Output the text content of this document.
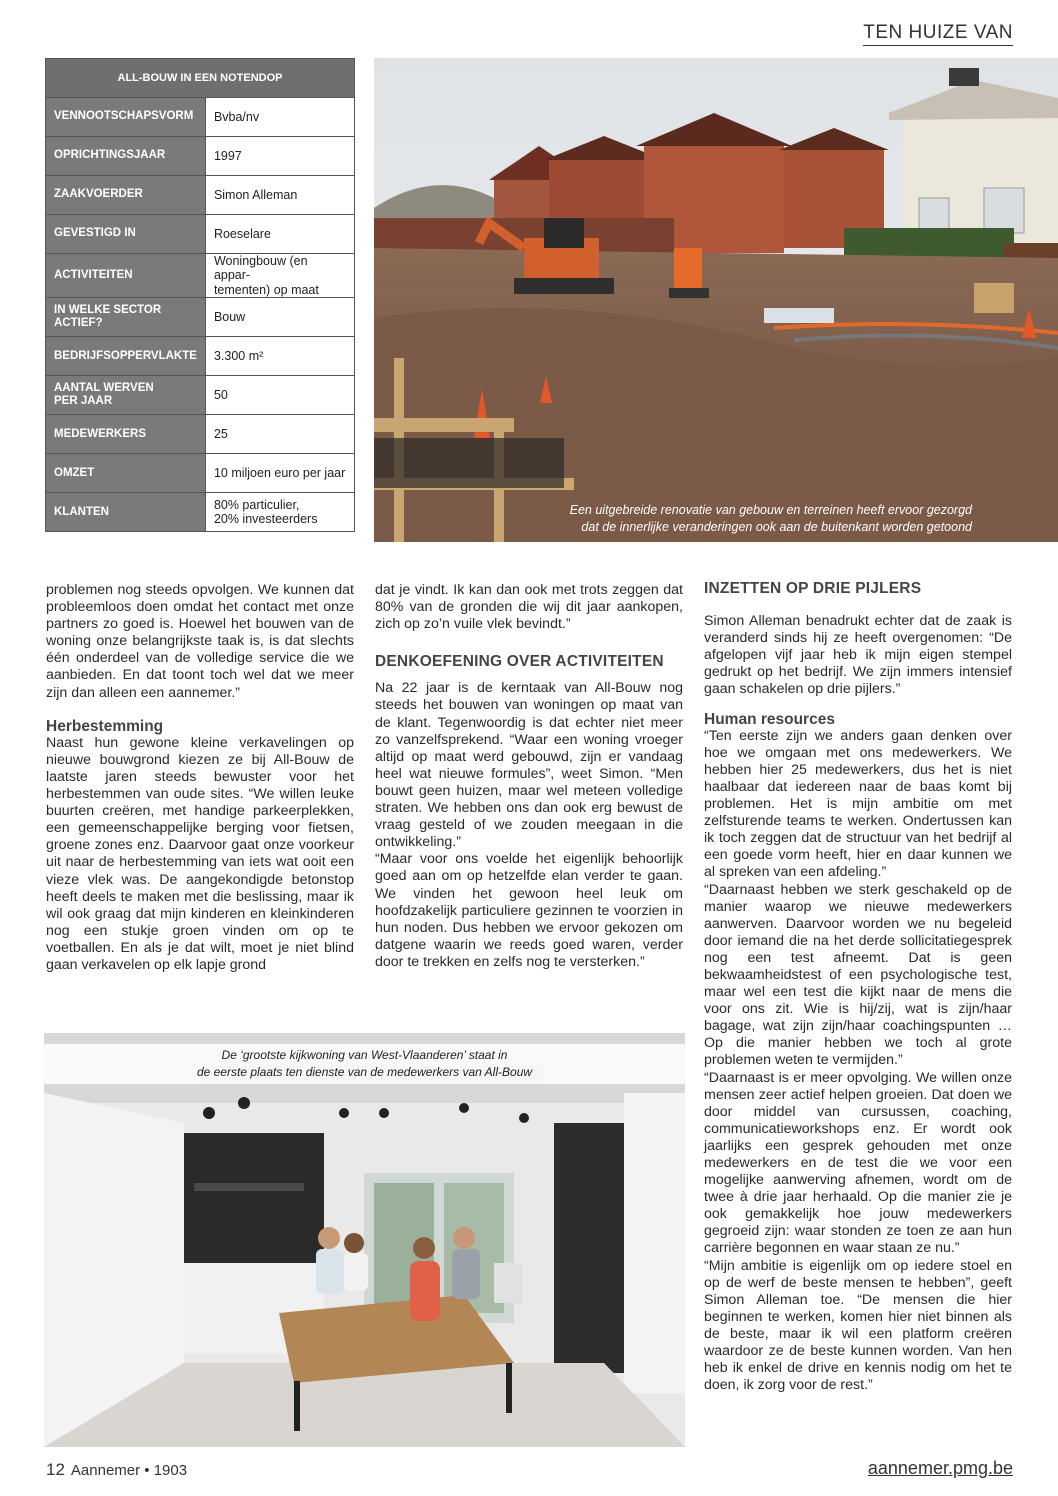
TEN HUIZE VAN
ALL-BOUW IN EEN NOTENDOP	
VENNOOTSCHAPSVORM	Bvba/nv
OPRICHTINGSJAAR	1997
ZAAKVOERDER	Simon Alleman
GEVESTIGD IN	Roeselare
ACTIVITEITEN	Woningbouw (en appar-
tementen) op maat
IN WELKE SECTOR
ACTIEF?	Bouw
BEDRIJFSOPPERVLAKTE	3.300 m²
AANTAL WERVEN
PER JAAR	50
MEDEWERKERS	25
OMZET	10 miljoen euro per jaar
KLANTEN	80% particulier,
20% investeerders
Een uitgebreide renovatie van gebouw en terreinen heeft ervoor gezorgd
dat de innerlijke veranderingen ook aan de buitenkant worden getoond

problemen nog steeds opvolgen. We kunnen dat probleemloos doen omdat het contact met onze partners zo goed is. Hoewel het bouwen van de woning onze belangrijkste taak is, is dat slechts één onderdeel van de volledige service die we aanbieden. En dat toont toch wel dat we meer zijn dan alleen een aannemer.”

Herbestemming

Naast hun gewone kleine verkavelingen op nieuwe bouwgrond kiezen ze bij All-Bouw de laatste jaren steeds bewuster voor het herbestemmen van oude sites. “We willen leuke buurten creëren, met handige parkeerplekken, een gemeenschappelijke berging voor fietsen, groene zones enz. Daarvoor gaat onze voorkeur uit naar de herbestemming van iets wat ooit een vieze vlek was. De aangekondigde betonstop heeft deels te maken met die beslissing, maar ik wil ook graag dat mijn kinderen en kleinkinderen nog een stukje groen vinden om op te voetballen. En als je dat wilt, moet je niet blind gaan verkavelen op elk lapje grond

dat je vindt. Ik kan dan ook met trots zeggen dat 80% van de gronden die wij dit jaar aankopen, zich op zo’n vuile vlek bevindt.”

DENKOEFENING OVER ACTIVITEITEN

Na 22 jaar is de kerntaak van All-Bouw nog steeds het bouwen van woningen op maat van de klant. Tegenwoordig is dat echter niet meer zo vanzelfsprekend. “Waar een woning vroeger altijd op maat werd gebouwd, zijn er vandaag heel wat nieuwe formules”, weet Simon. “Men bouwt geen huizen, maar wel meteen volledige straten. We hebben ons dan ook erg bewust de vraag gesteld of we zouden meegaan in die ontwikkeling.”

“Maar voor ons voelde het eigenlijk behoorlijk goed aan om op hetzelfde elan verder te gaan. We vinden het gewoon heel leuk om hoofdzakelijk particuliere gezinnen te voorzien in hun noden. Dus hebben we ervoor gekozen om datgene waarin we reeds goed waren, verder door te trekken en zelfs nog te versterken.”

INZETTEN OP DRIE PIJLERS

Simon Alleman benadrukt echter dat de zaak is veranderd sinds hij ze heeft overgenomen: “De afgelopen vijf jaar heb ik mijn eigen stempel gedrukt op het bedrijf. We zijn immers intensief gaan schakelen op drie pijlers.”

Human resources

“Ten eerste zijn we anders gaan denken over hoe we omgaan met ons medewerkers. We hebben hier 25 medewerkers, dus het is niet haalbaar dat iedereen naar de baas komt bij problemen. Het is mijn ambitie om met zelfsturende teams te werken. Ondertussen kan ik toch zeggen dat de structuur van het bedrijf al een goede vorm heeft, hier en daar kunnen we al spreken van een afdeling.”

“Daarnaast hebben we sterk geschakeld op de manier waarop we nieuwe medewerkers aanwerven. Daarvoor worden we nu begeleid door iemand die na het derde sollicitatiegesprek nog een test afneemt. Dat is geen bekwaamheidstest of een psychologische test, maar wel een test die kijkt naar de mens die voor ons zit. Wie is hij/zij, wat is zijn/haar bagage, wat zijn zijn/haar coachingspunten … Op die manier hebben we toch al grote problemen weten te vermijden.”

“Daarnaast is er meer opvolging. We willen onze mensen zeer actief helpen groeien. Dat doen we door middel van cursussen, coaching, communicatieworkshops enz. Er wordt ook jaarlijks een gesprek gehouden met onze medewerkers en de test die we voor een mogelijke aanwerving afnemen, wordt om de twee à drie jaar herhaald. Op die manier zie je ook gemakkelijk hoe jouw medewerkers gegroeid zijn: waar stonden ze toen ze aan hun carrière begonnen en waar staan ze nu.”

“Mijn ambitie is eigenlijk om op iedere stoel en op de werf de beste mensen te hebben”, geeft Simon Alleman toe. “De mensen die hier beginnen te werken, komen hier niet binnen als de beste, maar ik wil een platform creëren waardoor ze de beste kunnen worden. Van hen heb ik enkel de drive en kennis nodig om het te doen, ik zorg voor de rest.”

De ‘grootste kijkwoning van West-Vlaanderen’ staat in
de eerste plaats ten dienste van de medewerkers van All-Bouw
12 Aannemer • 1903	aannemer.pmg.be
